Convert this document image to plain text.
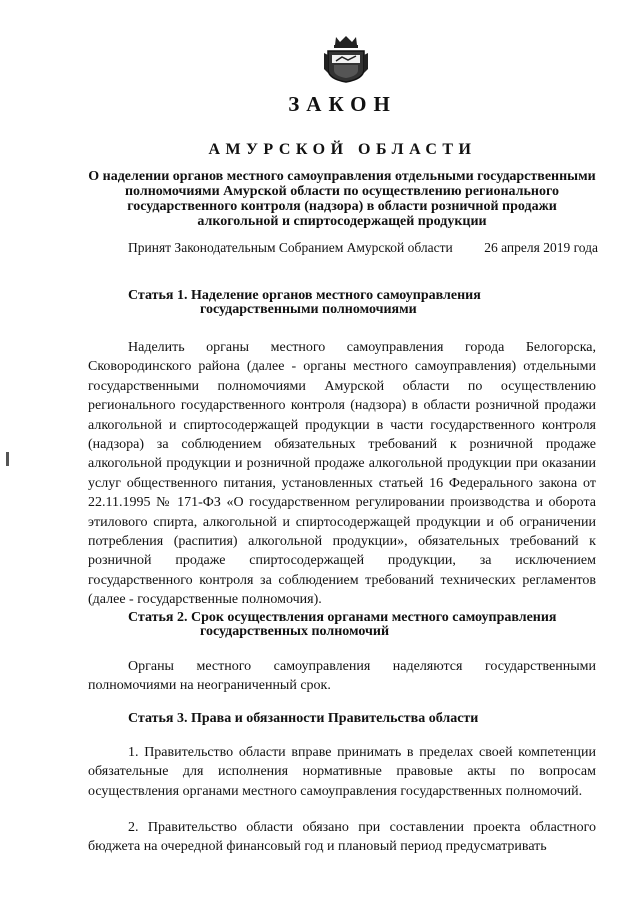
ЗАКОН
АМУРСКОЙ ОБЛАСТИ
О наделении органов местного самоуправления отдельными государственными полномочиями Амурской области по осуществлению регионального государственного контроля (надзора) в области розничной продажи алкогольной и спиртосодержащей продукции
Принят Законодательным Собранием Амурской области 26 апреля 2019 года
Статья 1. Наделение органов местного самоуправления
государственными полномочиями
Наделить органы местного самоуправления города Белогорска, Сковородинского района (далее - органы местного самоуправления) отдельными государственными полномочиями Амурской области по осуществлению регионального государственного контроля (надзора) в области розничной продажи алкогольной и спиртосодержащей продукции в части государственного контроля (надзора) за соблюдением обязательных требований к розничной продаже алкогольной продукции и розничной продаже алкогольной продукции при оказании услуг общественного питания, установленных статьей 16 Федерального закона от 22.11.1995 № 171-ФЗ «О государственном регулировании производства и оборота этилового спирта, алкогольной и спиртосодержащей продукции и об ограничении потребления (распития) алкогольной продукции», обязательных требований к розничной продаже спиртосодержащей продукции, за исключением государственного контроля за соблюдением требований технических регламентов (далее - государственные полномочия).
Статья 2. Срок осуществления органами местного самоуправления
государственных полномочий
Органы местного самоуправления наделяются государственными полномочиями на неограниченный срок.
Статья 3. Права и обязанности Правительства области
1. Правительство области вправе принимать в пределах своей компетенции обязательные для исполнения нормативные правовые акты по вопросам осуществления органами местного самоуправления государственных полномочий.
2. Правительство области обязано при составлении проекта областного бюджета на очередной финансовый год и плановый период предусматривать
